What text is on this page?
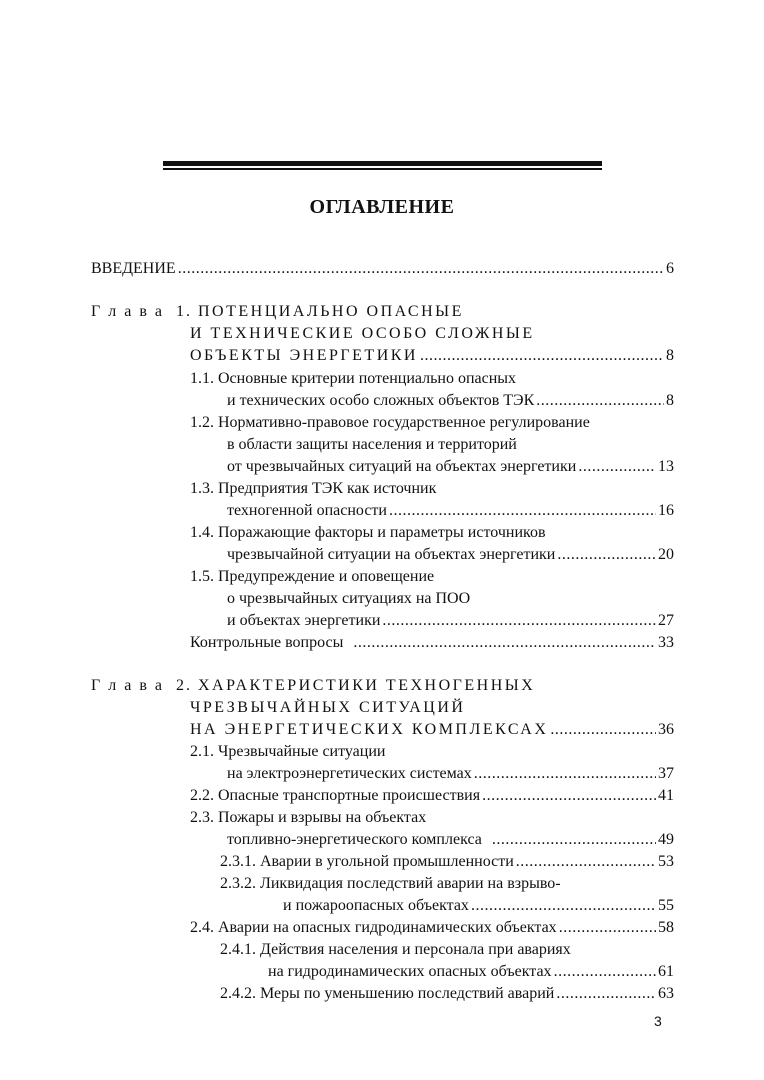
ОГЛАВЛЕНИЕ
ВВЕДЕНИЕ .....	6
Г л а в а  1. ПОТЕНЦИАЛЬНО ОПАСНЫЕ
И ТЕХНИЧЕСКИЕ ОСОБО СЛОЖНЫЕ
ОБЪЕКТЫ ЭНЕРГЕТИКИ .....	8
1.1. Основные критерии потенциально опасных
и технических особо сложных объектов ТЭК .....	8
1.2. Нормативно-правовое государственное регулирование
в области защиты населения и территорий
от чрезвычайных ситуаций на объектах энергетики .....	13
1.3. Предприятия ТЭК как источник
техногенной опасности .....	16
1.4. Поражающие факторы и параметры источников
чрезвычайной ситуации на объектах энергетики .....	20
1.5. Предупреждение и оповещение
о чрезвычайных ситуациях на ПОО
и объектах энергетики .....	27
Контрольные вопросы .....	33
Г л а в а  2. ХАРАКТЕРИСТИКИ ТЕХНОГЕННЫХ
ЧРЕЗВЫЧАЙНЫХ СИТУАЦИЙ
НА ЭНЕРГЕТИЧЕСКИХ КОМПЛЕКСАХ .....	36
2.1. Чрезвычайные ситуации
на электроэнергетических системах .....	37
2.2. Опасные транспортные происшествия .....	41
2.3. Пожары и взрывы на объектах
топливно-энергетического комплекса .....	49
2.3.1. Аварии в угольной промышленности .....	53
2.3.2. Ликвидация последствий аварии на взрыво-
и пожароопасных объектах .....	55
2.4. Аварии на опасных гидродинамических объектах .....	58
2.4.1. Действия населения и персонала при авариях
на гидродинамических опасных объектах .....	61
2.4.2. Меры по уменьшению последствий аварий .....	63
3
